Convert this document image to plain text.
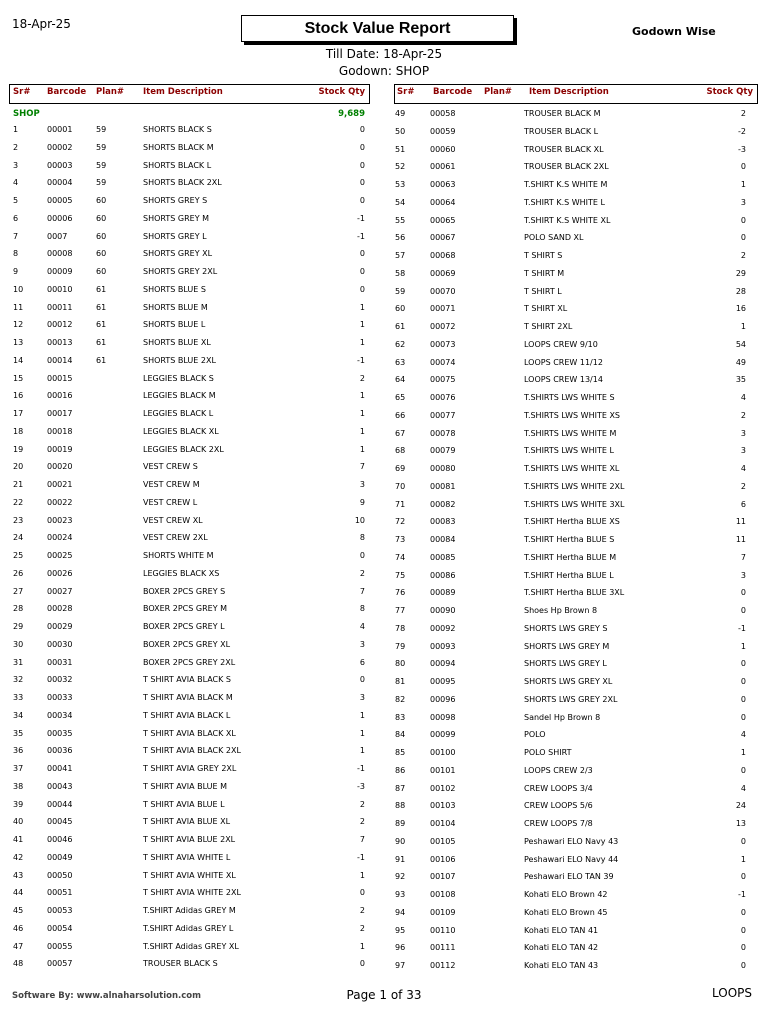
18-Apr-25	Stock Value Report	Godown Wise
Till Date: 18-Apr-25
Godown: SHOP
Sr# Barcode Plan# Item Description	Stock Qty	Sr# Barcode Plan# Item Description	Stock Qty
SHOP	9,689
1	00001	59	SHORTS BLACK S	0
2	00002	59	SHORTS BLACK M	0
3	00003	59	SHORTS BLACK L	0
4	00004	59	SHORTS BLACK 2XL	0
5	00005	60	SHORTS GREY S	0
6	00006	60	SHORTS GREY M	-1
7	0007	60	SHORTS GREY L	-1
8	00008	60	SHORTS GREY XL	0
9	00009	60	SHORTS GREY 2XL	0
10	00010	61	SHORTS BLUE S	0
11	00011	61	SHORTS BLUE M	1
12	00012	61	SHORTS BLUE L	1
13	00013	61	SHORTS BLUE XL	1
14	00014	61	SHORTS BLUE 2XL	-1
15	00015	LEGGIES BLACK S	2
16	00016	LEGGIES BLACK M	1
17	00017	LEGGIES BLACK L	1
18	00018	LEGGIES BLACK XL	1
19	00019	LEGGIES BLACK 2XL	1
20	00020	VEST CREW S	7
21	00021	VEST CREW M	3
22	00022	VEST CREW L	9
23	00023	VEST CREW XL	10
24	00024	VEST CREW 2XL	8
25	00025	SHORTS WHITE M	0
26	00026	LEGGIES BLACK XS	2
27	00027	BOXER 2PCS GREY S	7
28	00028	BOXER 2PCS GREY M	8
29	00029	BOXER 2PCS GREY L	4
30	00030	BOXER 2PCS GREY XL	3
31	00031	BOXER 2PCS GREY 2XL	6
32	00032	T SHIRT AVIA BLACK S	0
33	00033	T SHIRT AVIA BLACK M	3
34	00034	T SHIRT AVIA BLACK L	1
35	00035	T SHIRT AVIA BLACK XL	1
36	00036	T SHIRT AVIA BLACK 2XL	1
37	00041	T SHIRT AVIA GREY 2XL	-1
38	00043	T SHIRT AVIA BLUE M	-3
39	00044	T SHIRT AVIA BLUE L	2
40	00045	T SHIRT AVIA BLUE XL	2
41	00046	T SHIRT AVIA BLUE 2XL	7
42	00049	T SHIRT AVIA WHITE L	-1
43	00050	T SHIRT AVIA WHITE XL	1
44	00051	T SHIRT AVIA WHITE 2XL	0
45	00053	T.SHIRT Adidas GREY M	2
46	00054	T.SHIRT Adidas GREY L	2
47	00055	T.SHIRT Adidas GREY XL	1
48	00057	TROUSER BLACK S	0
49	00058	TROUSER BLACK M	2
50	00059	TROUSER BLACK L	-2
51	00060	TROUSER BLACK XL	-3
52	00061	TROUSER BLACK 2XL	0
53	00063	T.SHIRT K.S WHITE M	1
54	00064	T.SHIRT K.S WHITE L	3
55	00065	T.SHIRT K.S WHITE XL	0
56	00067	POLO SAND XL	0
57	00068	T SHIRT S	2
58	00069	T SHIRT M	29
59	00070	T SHIRT L	28
60	00071	T SHIRT XL	16
61	00072	T SHIRT 2XL	1
62	00073	LOOPS CREW 9/10	54
63	00074	LOOPS CREW 11/12	49
64	00075	LOOPS CREW 13/14	35
65	00076	T.SHIRTS LWS WHITE S	4
66	00077	T.SHIRTS LWS WHITE XS	2
67	00078	T.SHIRTS LWS WHITE M	3
68	00079	T.SHIRTS LWS WHITE L	3
69	00080	T.SHIRTS LWS WHITE XL	4
70	00081	T.SHIRTS LWS WHITE 2XL	2
71	00082	T.SHIRTS LWS WHITE 3XL	6
72	00083	T.SHIRT Hertha BLUE XS	11
73	00084	T.SHIRT Hertha BLUE S	11
74	00085	T.SHIRT Hertha BLUE M	7
75	00086	T.SHIRT Hertha BLUE L	3
76	00089	T.SHIRT Hertha BLUE 3XL	0
77	00090	Shoes Hp Brown 8	0
78	00092	SHORTS LWS GREY S	-1
79	00093	SHORTS LWS GREY M	1
80	00094	SHORTS LWS GREY L	0
81	00095	SHORTS LWS GREY XL	0
82	00096	SHORTS LWS GREY 2XL	0
83	00098	Sandel Hp Brown 8	0
84	00099	POLO	4
85	00100	POLO SHIRT	1
86	00101	LOOPS CREW 2/3	0
87	00102	CREW LOOPS 3/4	4
88	00103	CREW LOOPS 5/6	24
89	00104	CREW LOOPS 7/8	13
90	00105	Peshawari ELO Navy 43	0
91	00106	Peshawari ELO Navy 44	1
92	00107	Peshawari ELO TAN 39	0
93	00108	Kohati ELO Brown 42	-1
94	00109	Kohati ELO Brown 45	0
95	00110	Kohati ELO TAN 41	0
96	00111	Kohati ELO TAN 42	0
97	00112	Kohati ELO TAN 43	0
Software By: www.alnaharsolution.com	Page 1 of 33	LOOPS
